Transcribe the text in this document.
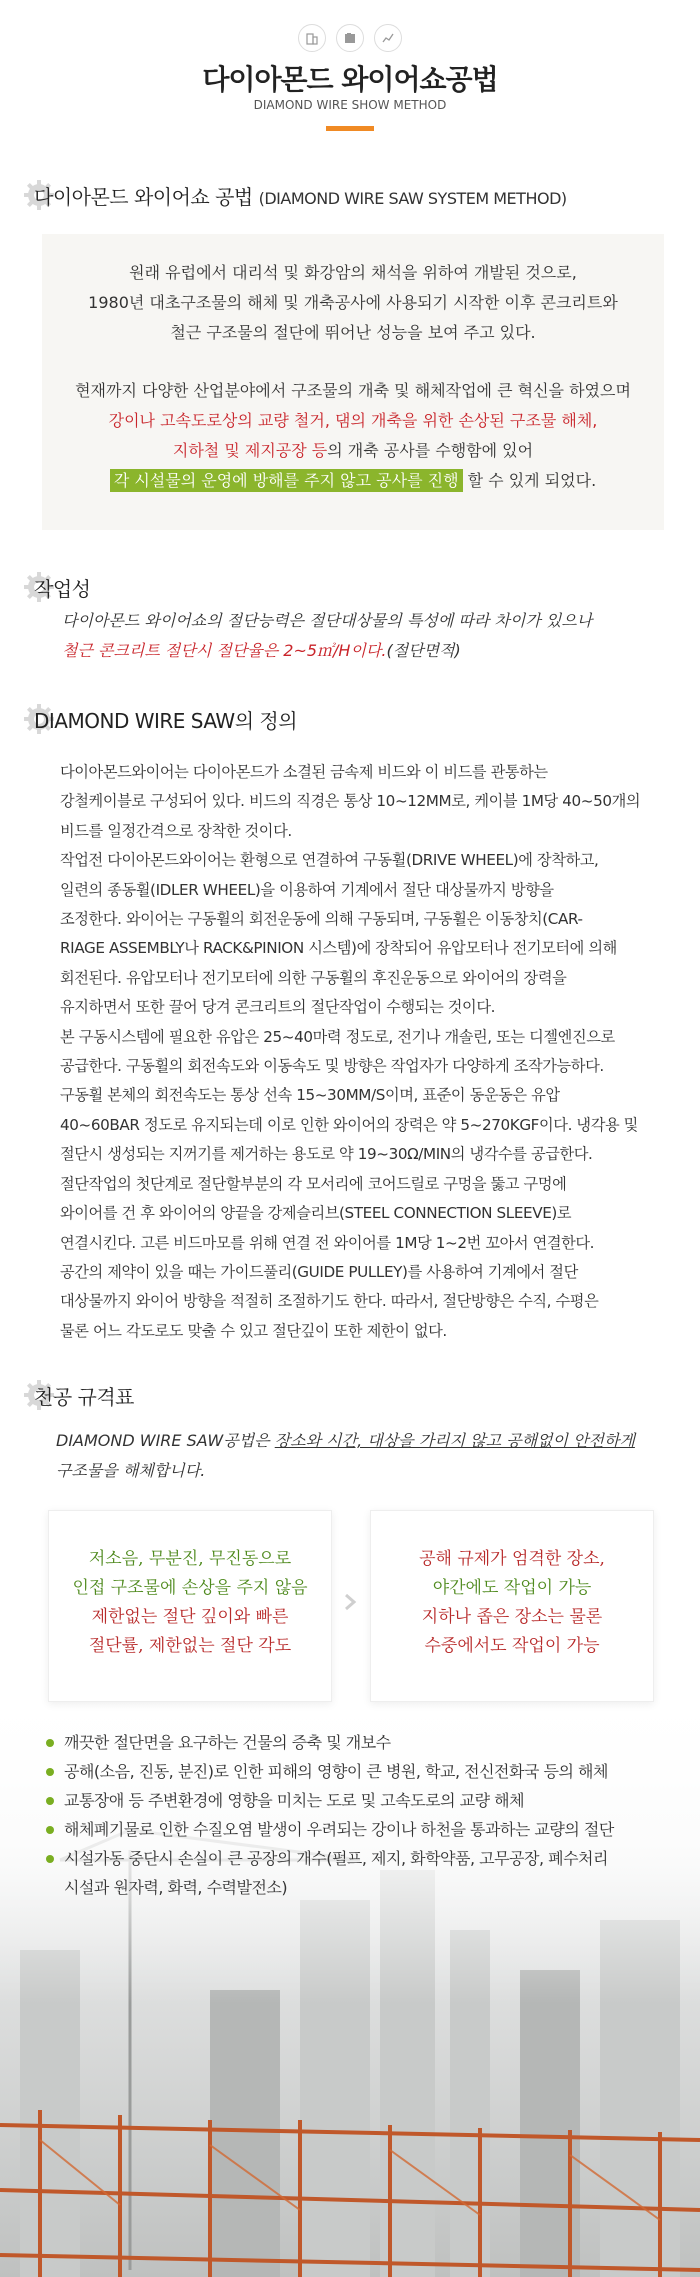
다이아몬드 와이어쇼공법
DIAMOND WIRE SHOW METHOD
다이아몬드 와이어쇼 공법 (DIAMOND WIRE SAW SYSTEM METHOD)
원래 유럽에서 대리석 및 화강암의 채석을 위하여 개발된 것으로,
1980년 대초구조물의 해체 및 개축공사에 사용되기 시작한 이후 콘크리트와
철근 구조물의 절단에 뛰어난 성능을 보여 주고 있다.
현재까지 다양한 산업분야에서 구조물의 개축 및 해체작업에 큰 혁신을 하였으며
강이나 고속도로상의 교량 철거, 댐의 개축을 위한 손상된 구조물 해체,
지하철 및 제지공장 등의 개축 공사를 수행함에 있어
각 시설물의 운영에 방해를 주지 않고 공사를 진행 할 수 있게 되었다.
작업성
다이아몬드 와이어쇼의 절단능력은 절단대상물의 특성에 따라 차이가 있으나
철근 콘크리트 절단시 절단율은 2~5㎡/H이다.(절단면적)
DIAMOND WIRE SAW의 정의
다이아몬드와이어는 다이아몬드가 소결된 금속제 비드와 이 비드를 관통하는
강철케이블로 구성되어 있다. 비드의 직경은 통상 10~12MM로, 케이블 1M당 40~50개의
비드를 일정간격으로 장착한 것이다.
작업전 다이아몬드와이어는 환형으로 연결하여 구동휠(DRIVE WHEEL)에 장착하고,
일련의 종동휠(IDLER WHEEL)을 이용하여 기계에서 절단 대상물까지 방향을
조정한다. 와이어는 구동휠의 회전운동에 의해 구동되며, 구동휠은 이동창치(CAR-
RIAGE ASSEMBLY나 RACK&PINION 시스템)에 장착되어 유압모터나 전기모터에 의해
회전된다. 유압모터나 전기모터에 의한 구동휠의 후진운동으로 와이어의 장력을
유지하면서 또한 끌어 당겨 콘크리트의 절단작업이 수행되는 것이다.
본 구동시스템에 필요한 유압은 25~40마력 정도로, 전기나 개솔린, 또는 디젤엔진으로
공급한다. 구동휠의 회전속도와 이동속도 및 방향은 작업자가 다양하게 조작가능하다.
구동휠 본체의 회전속도는 통상 선속 15~30MM/S이며, 표준이 동운동은 유압
40~60BAR 정도로 유지되는데 이로 인한 와이어의 장력은 약 5~270KGF이다. 냉각용 및
절단시 생성되는 지꺼기를 제거하는 용도로 약 19~30Ω/MIN의 냉각수를 공급한다.
절단작업의 첫단계로 절단할부분의 각 모서리에 코어드릴로 구멍을 뚫고 구멍에
와이어를 건 후 와이어의 양끝을 강제슬리브(STEEL CONNECTION SLEEVE)로
연결시킨다. 고른 비드마모를 위해 연결 전 와이어를 1M당 1~2번 꼬아서 연결한다.
공간의 제약이 있을 때는 가이드풀리(GUIDE PULLEY)를 사용하여 기계에서 절단
대상물까지 와이어 방향을 적절히 조절하기도 한다. 따라서, 절단방향은 수직, 수평은
물론 어느 각도로도 맞출 수 있고 절단깊이 또한 제한이 없다.
천공 규격표
DIAMOND WIRE SAW공법은 장소와 시간, 대상을 가리지 않고 공해없이 안전하게
구조물을 해체합니다.
저소음, 무분진, 무진동으로
인접 구조물에 손상을 주지 않음
제한없는 절단 깊이와 빠른
절단률, 제한없는 절단 각도
공해 규제가 엄격한 장소,
야간에도 작업이 가능
지하나 좁은 장소는 물론
수중에서도 작업이 가능
깨끗한 절단면을 요구하는 건물의 증축 및 개보수
공해(소음, 진동, 분진)로 인한 피해의 영향이 큰 병원, 학교, 전신전화국 등의 해체
교통장애 등 주변환경에 영향을 미치는 도로 및 고속도로의 교량 해체
해체폐기물로 인한 수질오염 발생이 우려되는 강이나 하천을 통과하는 교량의 절단
시설가동 중단시 손실이 큰 공장의 개수(펄프, 제지, 화학약품, 고무공장, 폐수처리
시설과 원자력, 화력, 수력발전소)
